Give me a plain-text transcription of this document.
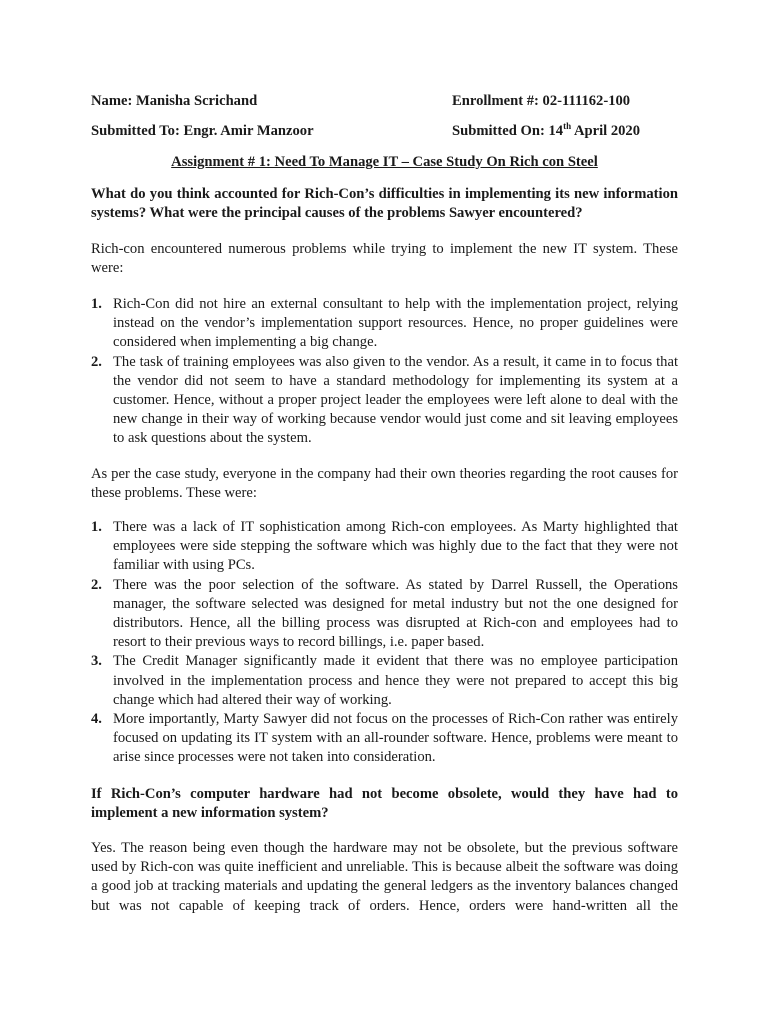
Name: Manisha Scrichand	Enrollment #: 02-111162-100
Submitted To: Engr. Amir Manzoor	Submitted On: 14th April 2020
Assignment # 1: Need To Manage IT – Case Study On Rich con Steel
What do you think accounted for Rich-Con’s difficulties in implementing its new information systems? What were the principal causes of the problems Sawyer encountered?
Rich-con encountered numerous problems while trying to implement the new IT system. These were:
1. Rich-Con did not hire an external consultant to help with the implementation project, relying instead on the vendor’s implementation support resources. Hence, no proper guidelines were considered when implementing a big change.
2. The task of training employees was also given to the vendor. As a result, it came in to focus that the vendor did not seem to have a standard methodology for implementing its system at a customer. Hence, without a proper project leader the employees were left alone to deal with the new change in their way of working because vendor would just come and sit leaving employees to ask questions about the system.
As per the case study, everyone in the company had their own theories regarding the root causes for these problems. These were:
1. There was a lack of IT sophistication among Rich-con employees. As Marty highlighted that employees were side stepping the software which was highly due to the fact that they were not familiar with using PCs.
2. There was the poor selection of the software. As stated by Darrel Russell, the Operations manager, the software selected was designed for metal industry but not the one designed for distributors. Hence, all the billing process was disrupted at Rich-con and employees had to resort to their previous ways to record billings, i.e. paper based.
3. The Credit Manager significantly made it evident that there was no employee participation involved in the implementation process and hence they were not prepared to accept this big change which had altered their way of working.
4. More importantly, Marty Sawyer did not focus on the processes of Rich-Con rather was entirely focused on updating its IT system with an all-rounder software. Hence, problems were meant to arise since processes were not taken into consideration.
If Rich-Con’s computer hardware had not become obsolete, would they have had to implement a new information system?
Yes. The reason being even though the hardware may not be obsolete, but the previous software used by Rich-con was quite inefficient and unreliable. This is because albeit the software was doing a good job at tracking materials and updating the general ledgers as the inventory balances changed but was not capable of keeping track of orders. Hence, orders were hand-written all the
